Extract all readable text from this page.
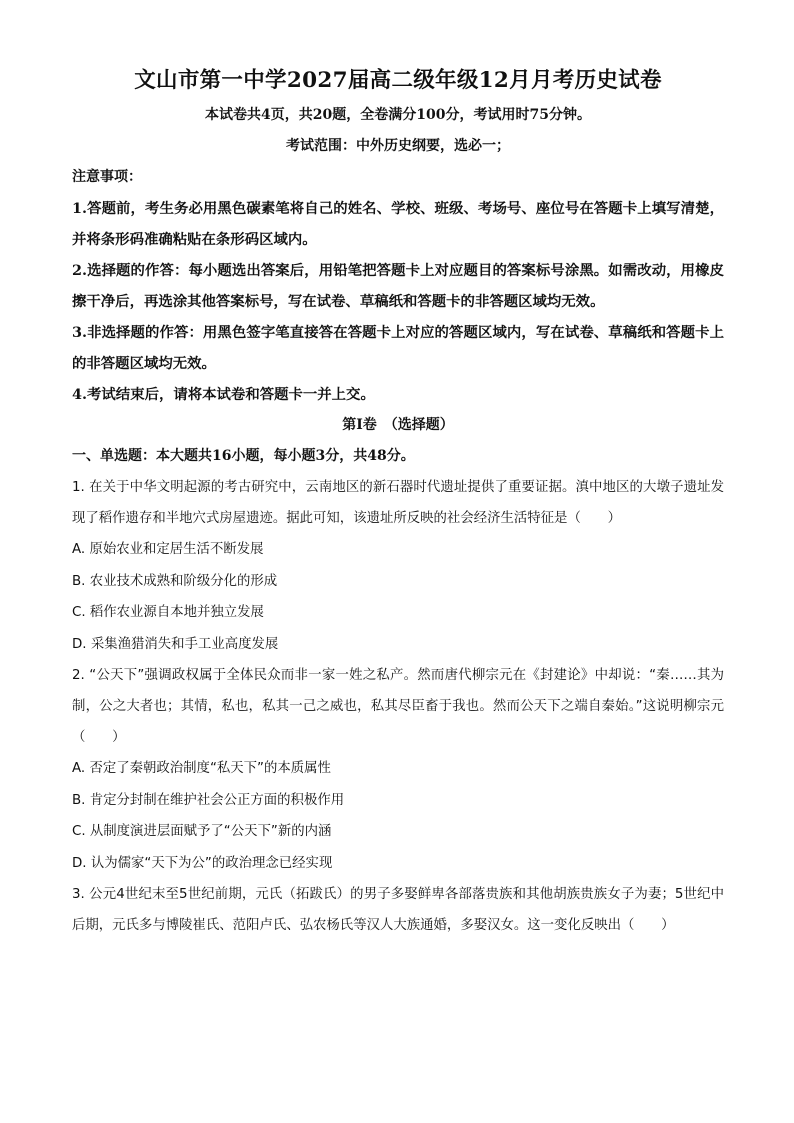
文山市第一中学2027届高二级年级12月月考历史试卷

本试卷共4页，共20题，全卷满分100分，考试用时75分钟。

考试范围：中外历史纲要，选必一；

注意事项：

1.答题前，考生务必用黑色碳素笔将自己的姓名、学校、班级、考场号、座位号在答题卡上填写清楚，并将条形码准确粘贴在条形码区域内。

2.选择题的作答：每小题选出答案后，用铅笔把答题卡上对应题目的答案标号涂黑。如需改动，用橡皮擦干净后，再选涂其他答案标号，写在试卷、草稿纸和答题卡的非答题区域均无效。

3.非选择题的作答：用黑色签字笔直接答在答题卡上对应的答题区域内，写在试卷、草稿纸和答题卡上的非答题区域均无效。

4.考试结束后，请将本试卷和答题卡一并上交。

第Ⅰ卷　（选择题）

一、单选题：本大题共16小题，每小题3分，共48分。

1. 在关于中华文明起源的考古研究中，云南地区的新石器时代遗址提供了重要证据。滇中地区的大墩子遗址发现了稻作遗存和半地穴式房屋遗迹。据此可知，该遗址所反映的社会经济生活特征是（　　）

A. 原始农业和定居生活不断发展

B. 农业技术成熟和阶级分化的形成

C. 稻作农业源自本地并独立发展

D. 采集渔猎消失和手工业高度发展

2. “公天下”强调政权属于全体民众而非一家一姓之私产。然而唐代柳宗元在《封建论》中却说：“秦……其为制，公之大者也；其情，私也，私其一己之威也，私其尽臣畜于我也。然而公天下之端自秦始。”这说明柳宗元（　　）

A. 否定了秦朝政治制度“私天下”的本质属性

B. 肯定分封制在维护社会公正方面的积极作用

C. 从制度演进层面赋予了“公天下”新的内涵

D. 认为儒家“天下为公”的政治理念已经实现

3. 公元4世纪末至5世纪前期，元氏（拓跋氏）的男子多娶鲜卑各部落贵族和其他胡族贵族女子为妻；5世纪中后期，元氏多与博陵崔氏、范阳卢氏、弘农杨氏等汉人大族通婚，多娶汉女。这一变化反映出（　　）
